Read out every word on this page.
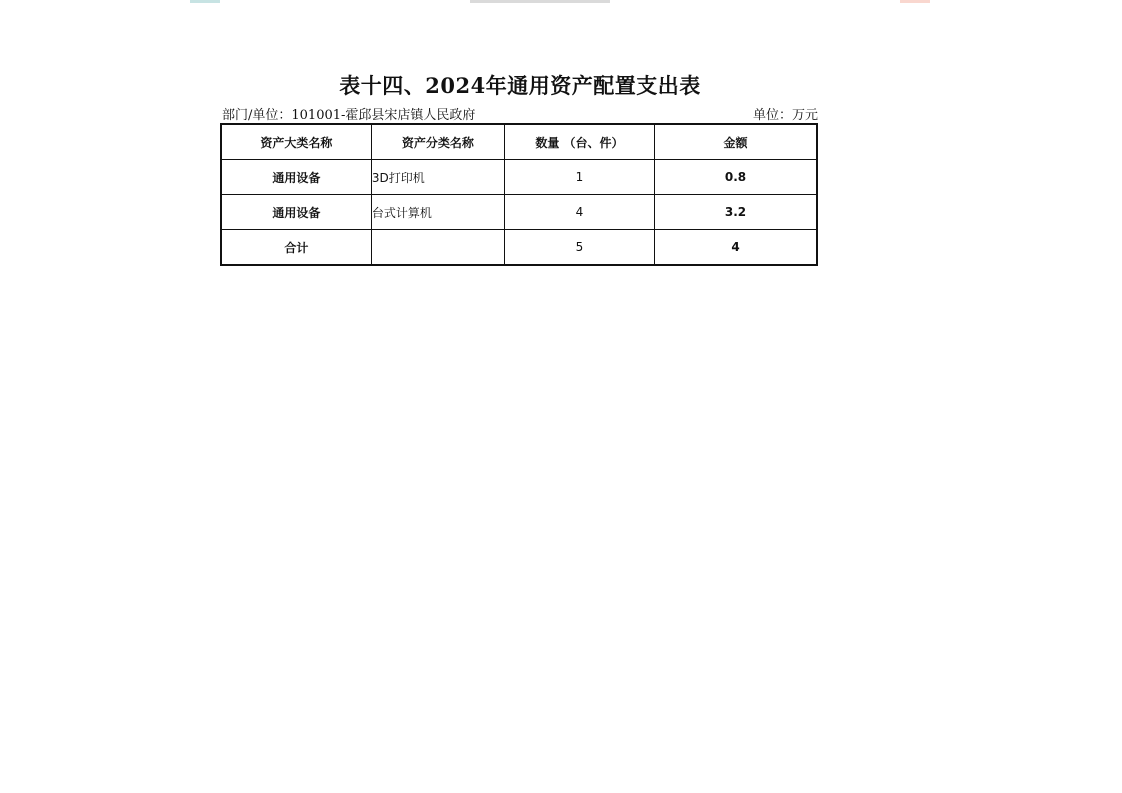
表十四、2024年通用资产配置支出表
部门/单位：101001-霍邱县宋店镇人民政府	单位：万元
资产大类名称	资产分类名称	数量 （台、件）	金额
通用设备	3D打印机	1	0.8
通用设备	台式计算机	4	3.2
合计		5	4
